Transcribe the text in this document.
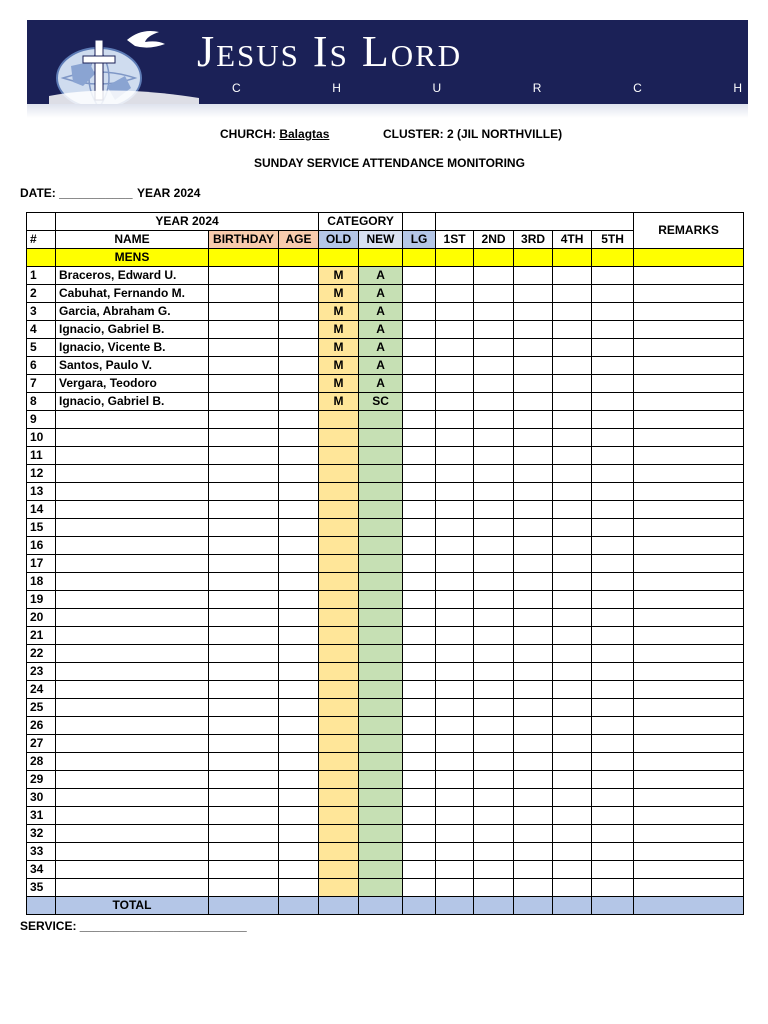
Jesus Is Lord
C	H	U	R	C	H
CHURCH: Balagtas	CLUSTER: 2 (JIL NORTHVILLE)
SUNDAY SERVICE ATTENDANCE MONITORING
DATE: ___________ YEAR 2024
	YEAR 2024			CATEGORY								REMARKS
#	NAME	BIRTHDAY	AGE	OLD	NEW	LG	1ST	2ND	3RD	4TH	5TH	
	MENS											
1	Braceros, Edward U.			M	A							
2	Cabuhat, Fernando M.			M	A							
3	Garcia, Abraham G.			M	A							
4	Ignacio, Gabriel B.			M	A							
5	Ignacio, Vicente B.			M	A							
6	Santos, Paulo V.			M	A							
7	Vergara, Teodoro			M	A							
8	Ignacio, Gabriel B.			M	SC							
9												
10												
11												
12												
13												
14												
15												
16												
17												
18												
19												
20												
21												
22												
23												
24												
25												
26												
27												
28												
29												
30												
31												
32												
33												
34												
35												
	TOTAL											
SERVICE: _________________________
